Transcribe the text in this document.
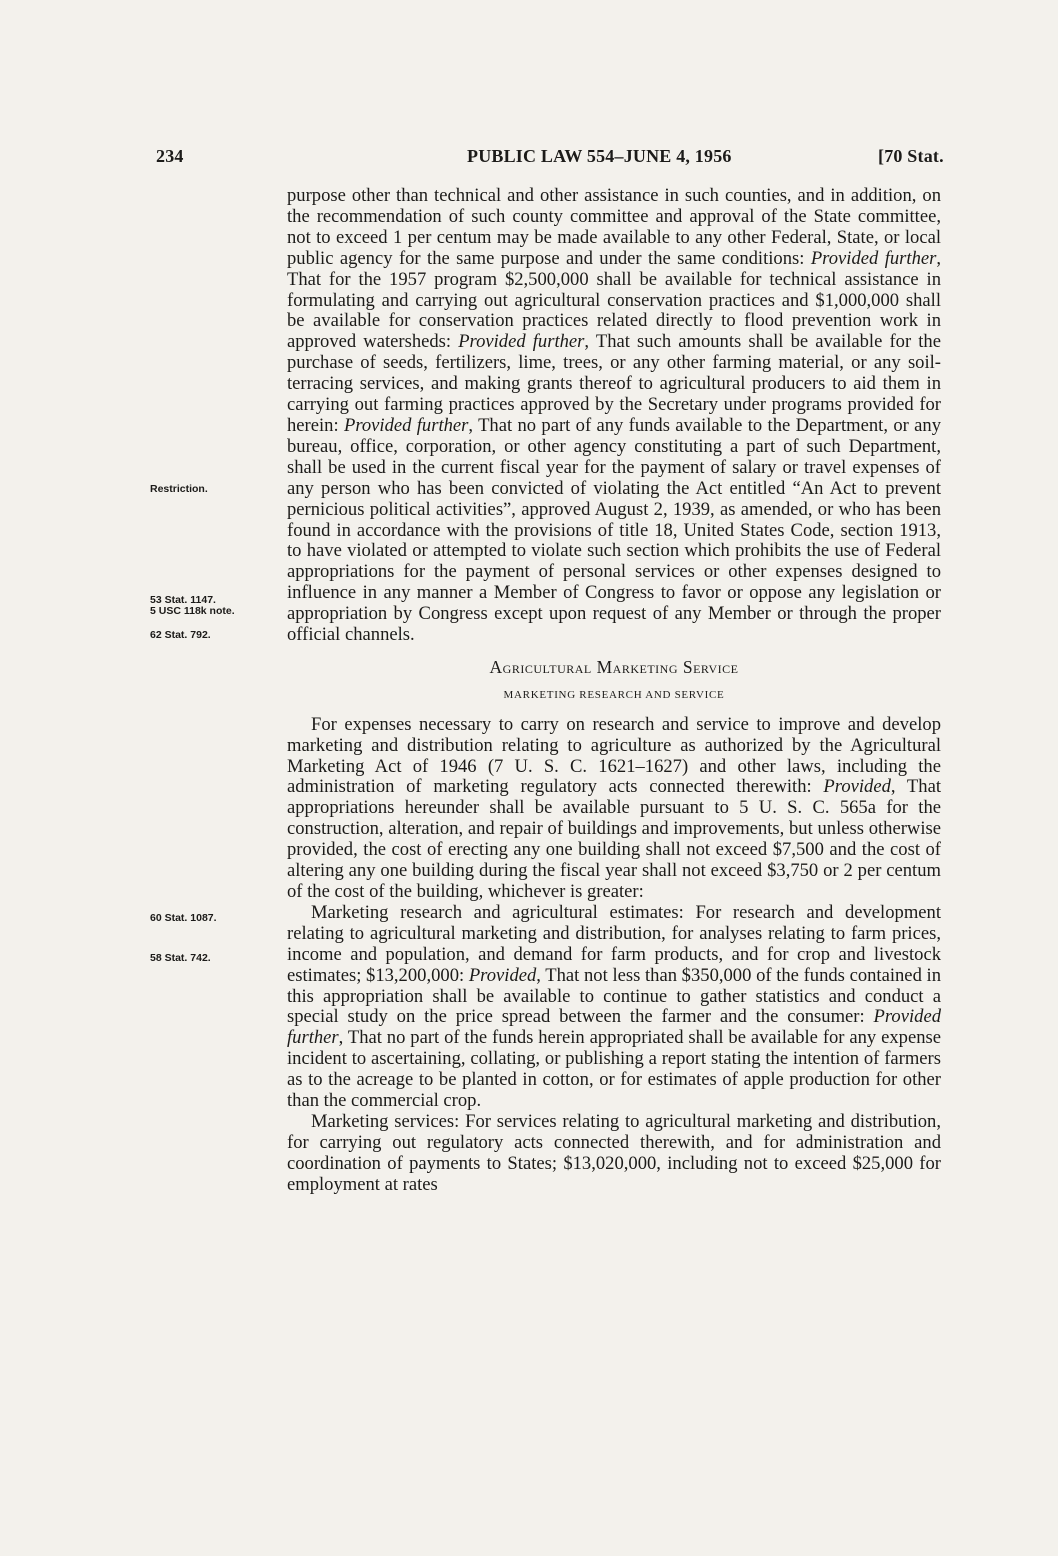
234	PUBLIC LAW 554–JUNE 4, 1956	[70 Stat.
Restriction.
53 Stat. 1147.
5 USC 118k note.
62 Stat. 792.
60 Stat. 1087.
58 Stat. 742.

purpose other than technical and other assistance in such counties, and in addition, on the recommendation of such county committee and approval of the State committee, not to exceed 1 per centum may be made available to any other Federal, State, or local public agency for the same purpose and under the same conditions: Provided further, That for the 1957 program $2,500,000 shall be available for technical assistance in formulating and carrying out agricultural conservation practices and $1,000,000 shall be available for conservation practices related directly to flood prevention work in approved watersheds: Provided further, That such amounts shall be available for the purchase of seeds, fertilizers, lime, trees, or any other farming material, or any soil-terracing services, and making grants thereof to agricultural producers to aid them in carrying out farming practices approved by the Secretary under programs provided for herein: Provided further, That no part of any funds available to the Department, or any bureau, office, corporation, or other agency constituting a part of such Department, shall be used in the current fiscal year for the payment of salary or travel expenses of any person who has been convicted of violating the Act entitled “An Act to prevent pernicious political activities”, approved August 2, 1939, as amended, or who has been found in accordance with the provisions of title 18, United States Code, section 1913, to have violated or attempted to violate such section which prohibits the use of Federal appropriations for the payment of personal services or other expenses designed to influence in any manner a Member of Congress to favor or oppose any legislation or appropriation by Congress except upon request of any Member or through the proper official channels.

Agricultural Marketing Service

MARKETING RESEARCH AND SERVICE

For expenses necessary to carry on research and service to improve and develop marketing and distribution relating to agriculture as authorized by the Agricultural Marketing Act of 1946 (7 U. S. C. 1621–1627) and other laws, including the administration of marketing regulatory acts connected therewith: Provided, That appropriations hereunder shall be available pursuant to 5 U. S. C. 565a for the construction, alteration, and repair of buildings and improvements, but unless otherwise provided, the cost of erecting any one building shall not exceed $7,500 and the cost of altering any one building during the fiscal year shall not exceed $3,750 or 2 per centum of the cost of the building, whichever is greater:

Marketing research and agricultural estimates: For research and development relating to agricultural marketing and distribution, for analyses relating to farm prices, income and population, and demand for farm products, and for crop and livestock estimates; $13,200,000: Provided, That not less than $350,000 of the funds contained in this appropriation shall be available to continue to gather statistics and conduct a special study on the price spread between the farmer and the consumer: Provided further, That no part of the funds herein appropriated shall be available for any expense incident to ascertaining, collating, or publishing a report stating the intention of farmers as to the acreage to be planted in cotton, or for estimates of apple production for other than the commercial crop.

Marketing services: For services relating to agricultural marketing and distribution, for carrying out regulatory acts connected therewith, and for administration and coordination of payments to States; $13,020,000, including not to exceed $25,000 for employment at rates
